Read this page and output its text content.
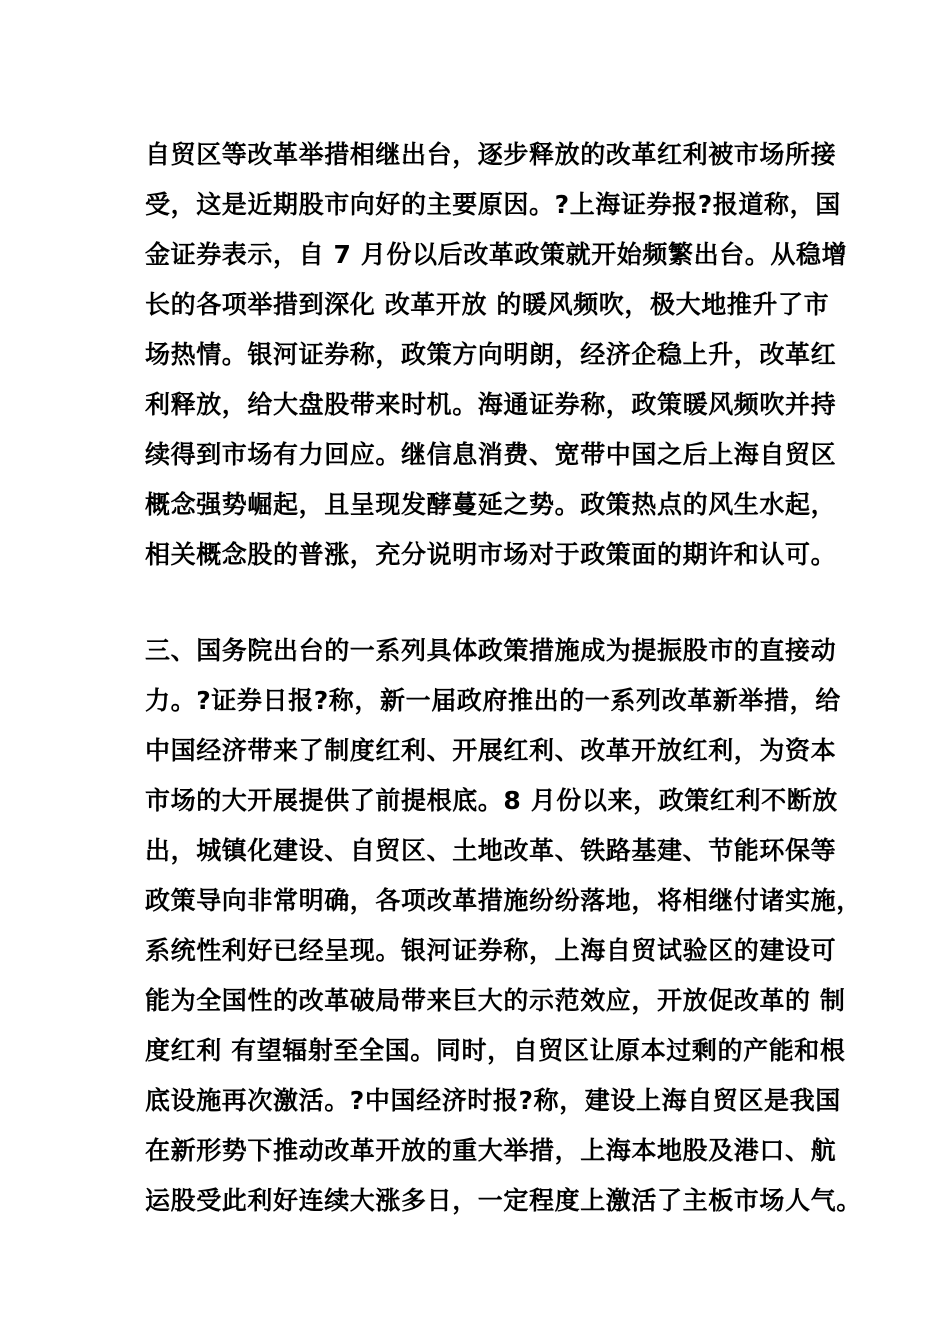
自贸区等改革举措相继出台，逐步释放的改革红利被市场所接
受，这是近期股市向好的主要原因。?上海证券报?报道称，国
金证券表示，自 7 月份以后改革政策就开始频繁出台。从稳增
长的各项举措到深化 改革开放 的暖风频吹，极大地推升了市
场热情。银河证券称，政策方向明朗，经济企稳上升，改革红
利释放，给大盘股带来时机。海通证券称，政策暖风频吹并持
续得到市场有力回应。继信息消费、宽带中国之后上海自贸区
概念强势崛起，且呈现发酵蔓延之势。政策热点的风生水起，
相关概念股的普涨，充分说明市场对于政策面的期许和认可。
三、国务院出台的一系列具体政策措施成为提振股市的直接动
力。?证券日报?称，新一届政府推出的一系列改革新举措，给
中国经济带来了制度红利、开展红利、改革开放红利，为资本
市场的大开展提供了前提根底。8 月份以来，政策红利不断放
出，城镇化建设、自贸区、土地改革、铁路基建、节能环保等
政策导向非常明确，各项改革措施纷纷落地，将相继付诸实施，
系统性利好已经呈现。银河证券称，上海自贸试验区的建设可
能为全国性的改革破局带来巨大的示范效应，开放促改革的 制
度红利 有望辐射至全国。同时，自贸区让原本过剩的产能和根
底设施再次激活。?中国经济时报?称，建设上海自贸区是我国
在新形势下推动改革开放的重大举措，上海本地股及港口、航
运股受此利好连续大涨多日，一定程度上激活了主板市场人气。
